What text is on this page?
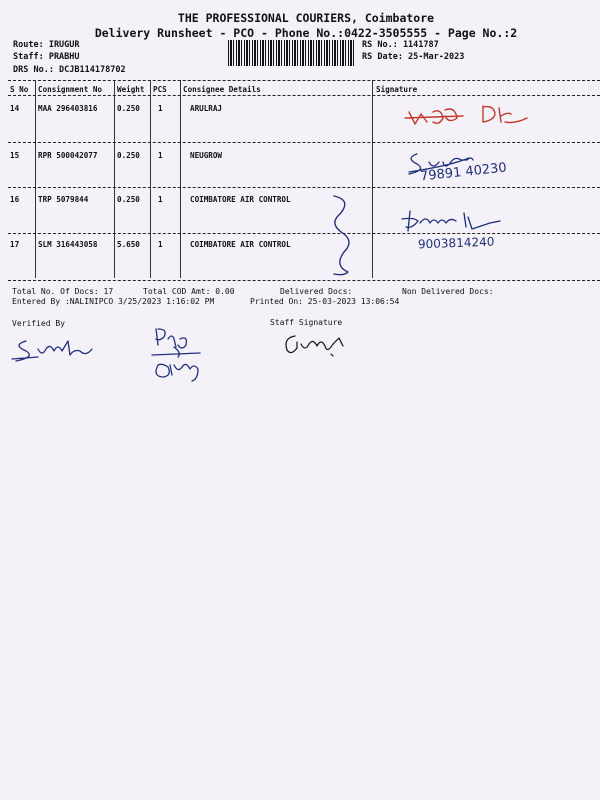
THE PROFESSIONAL COURIERS, Coimbatore
Delivery Runsheet - PCO - Phone No.:0422-3505555 - Page No.:2
Route: IRUGUR
Staff: PRABHU
DRS No.: DCJB114178702
RS No.: 1141787
RS Date: 25-Mar-2023
S No Consignment No Weight PCS Consignee Details	Signature
14 MAA 296403816	0.250 1	ARULRAJ
15 RPR 500042077	0.250 1	NEUGROW
16 TRP 5079844	0.250 1	COIMBATORE AIR CONTROL
17 SLM 316443058	5.650 1	COIMBATORE AIR CONTROL
79891 40230
9003814240
Total No. Of Docs: 17	Total COD Amt: 0.00	Delivered Docs:	Non Delivered Docs:
Entered By :NALINIPCO 3/25/2023 1:16:02 PM	Printed On: 25-03-2023 13:06:54
Verified By	Staff Signature
